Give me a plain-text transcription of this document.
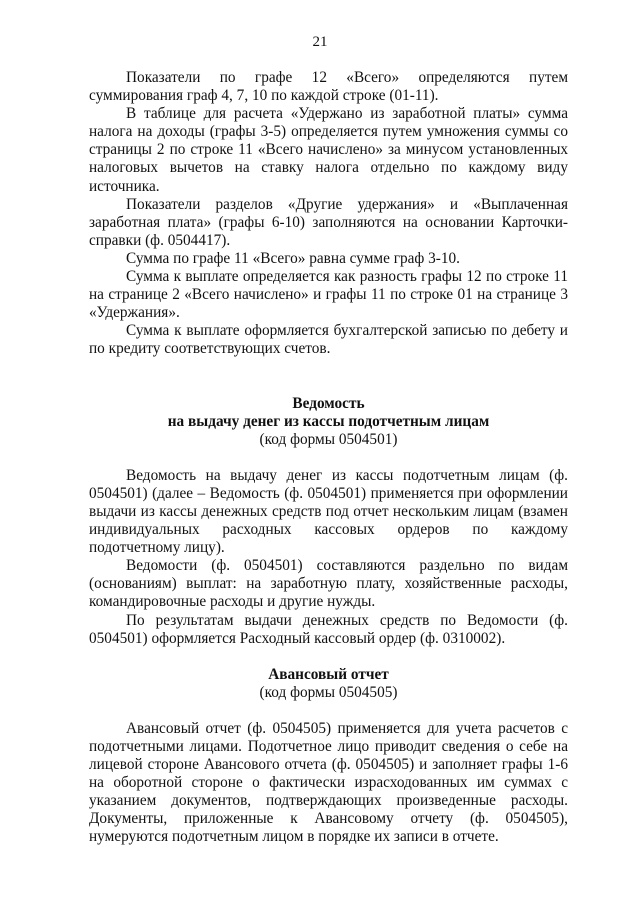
21

Показатели по графе 12 «Всего» определяются путем суммирования граф 4, 7, 10 по каждой строке (01-11).

В таблице для расчета «Удержано из заработной платы» сумма налога на доходы (графы 3-5) определяется путем умножения суммы со страницы 2 по строке 11 «Всего начислено» за минусом установленных налоговых вычетов на ставку налога отдельно по каждому виду источника.

Показатели разделов «Другие удержания» и «Выплаченная заработная плата» (графы 6-10) заполняются на основании Карточки-справки (ф. 0504417).

Сумма по графе 11 «Всего» равна сумме граф 3-10.

Сумма к выплате определяется как разность графы 12 по строке 11 на странице 2 «Всего начислено» и графы 11 по строке 01 на странице 3 «Удержания».

Сумма к выплате оформляется бухгалтерской записью по дебету и по кредиту соответствующих счетов.

Ведомость

на выдачу денег из кассы подотчетным лицам

(код формы 0504501)

Ведомость на выдачу денег из кассы подотчетным лицам (ф. 0504501) (далее – Ведомость (ф. 0504501) применяется при оформлении выдачи из кассы денежных средств под отчет нескольким лицам (взамен индивидуальных расходных кассовых ордеров по каждому подотчетному лицу).

Ведомости (ф. 0504501) составляются раздельно по видам (основаниям) выплат: на заработную плату, хозяйственные расходы, командировочные расходы и другие нужды.

По результатам выдачи денежных средств по Ведомости (ф. 0504501) оформляется Расходный кассовый ордер (ф. 0310002).

Авансовый отчет

(код формы 0504505)

Авансовый отчет (ф. 0504505) применяется для учета расчетов с подотчетными лицами. Подотчетное лицо приводит сведения о себе на лицевой стороне Авансового отчета (ф. 0504505) и заполняет графы 1-6 на оборотной стороне о фактически израсходованных им суммах с указанием документов, подтверждающих произведенные расходы. Документы, приложенные к Авансовому отчету (ф. 0504505), нумеруются подотчетным лицом в порядке их записи в отчете.
